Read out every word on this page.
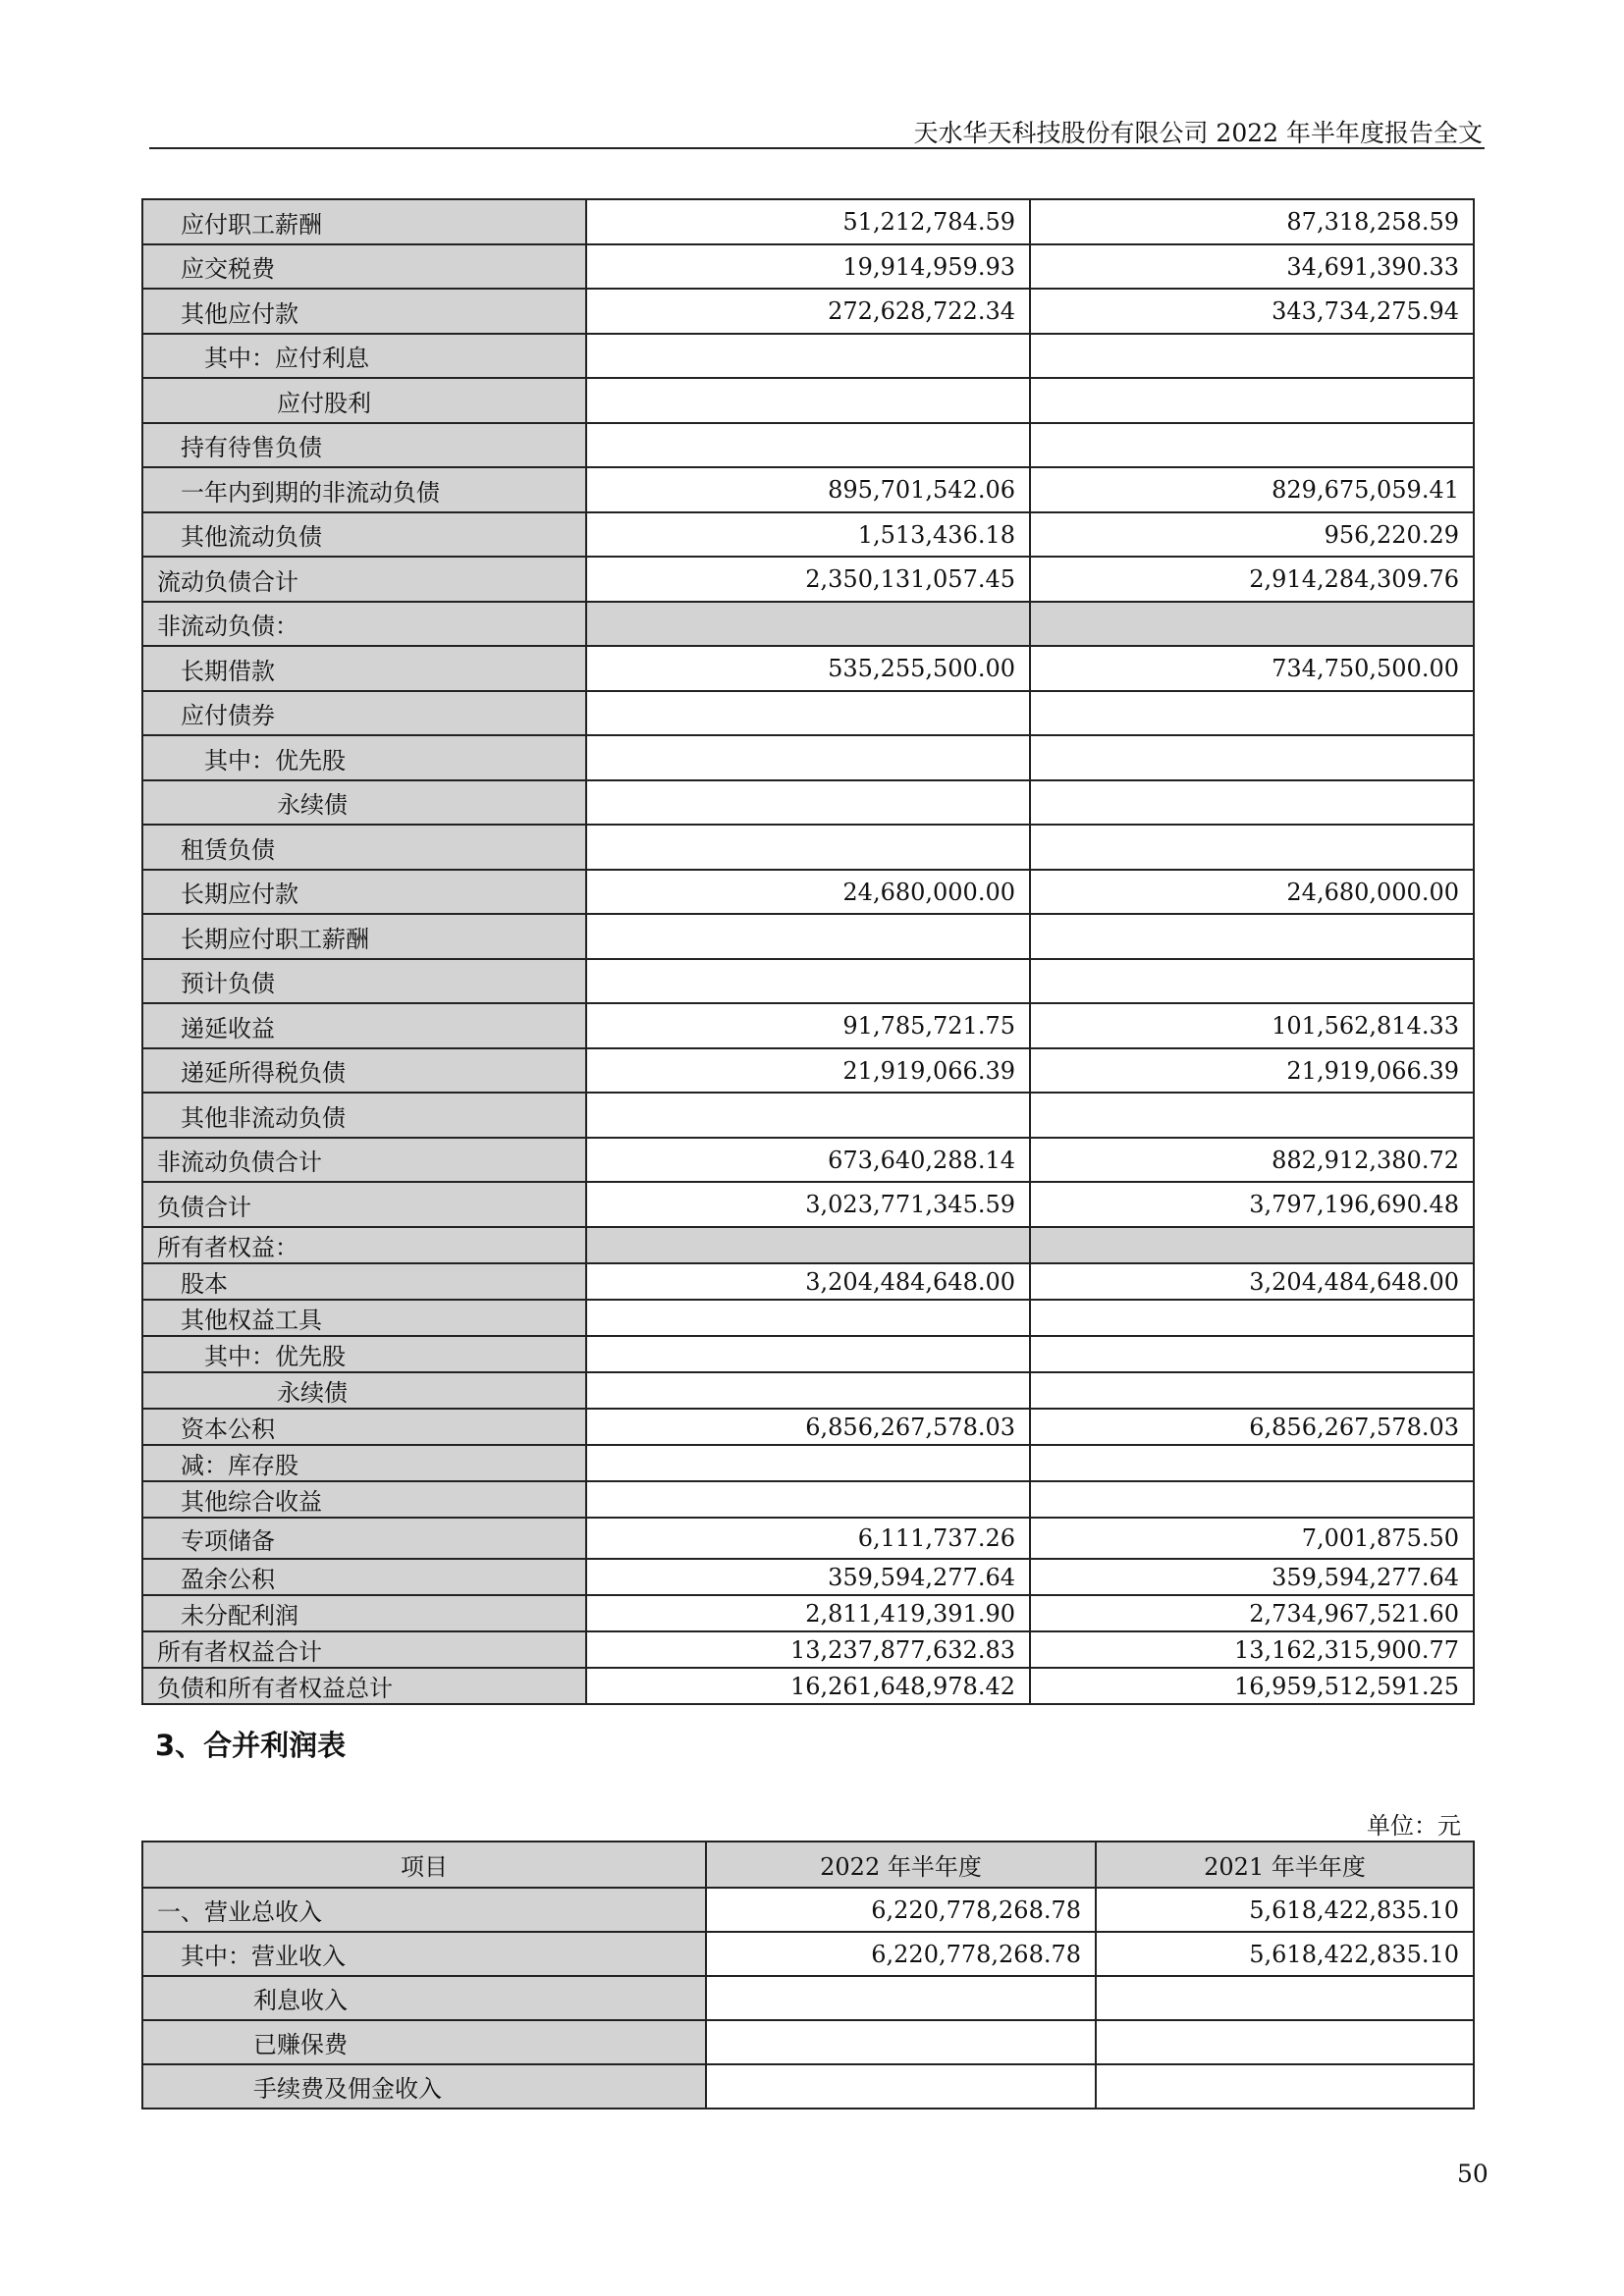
天水华天科技股份有限公司 2022 年半年度报告全文
应付职工薪酬	51,212,784.59	87,318,258.59
应交税费	19,914,959.93	34,691,390.33
其他应付款	272,628,722.34	343,734,275.94
其中：应付利息		
应付股利		
持有待售负债		
一年内到期的非流动负债	895,701,542.06	829,675,059.41
其他流动负债	1,513,436.18	956,220.29
流动负债合计	2,350,131,057.45	2,914,284,309.76
非流动负债：		
长期借款	535,255,500.00	734,750,500.00
应付债券		
其中：优先股		
永续债		
租赁负债		
长期应付款	24,680,000.00	24,680,000.00
长期应付职工薪酬		
预计负债		
递延收益	91,785,721.75	101,562,814.33
递延所得税负债	21,919,066.39	21,919,066.39
其他非流动负债		
非流动负债合计	673,640,288.14	882,912,380.72
负债合计	3,023,771,345.59	3,797,196,690.48
所有者权益：		
股本	3,204,484,648.00	3,204,484,648.00
其他权益工具		
其中：优先股		
永续债		
资本公积	6,856,267,578.03	6,856,267,578.03
减：库存股		
其他综合收益		
专项储备	6,111,737.26	7,001,875.50
盈余公积	359,594,277.64	359,594,277.64
未分配利润	2,811,419,391.90	2,734,967,521.60
所有者权益合计	13,237,877,632.83	13,162,315,900.77
负债和所有者权益总计	16,261,648,978.42	16,959,512,591.25
3、合并利润表
单位：元
项目	2022 年半年度	2021 年半年度
一、营业总收入	6,220,778,268.78	5,618,422,835.10
其中：营业收入	6,220,778,268.78	5,618,422,835.10
利息收入		
已赚保费		
手续费及佣金收入		
50
